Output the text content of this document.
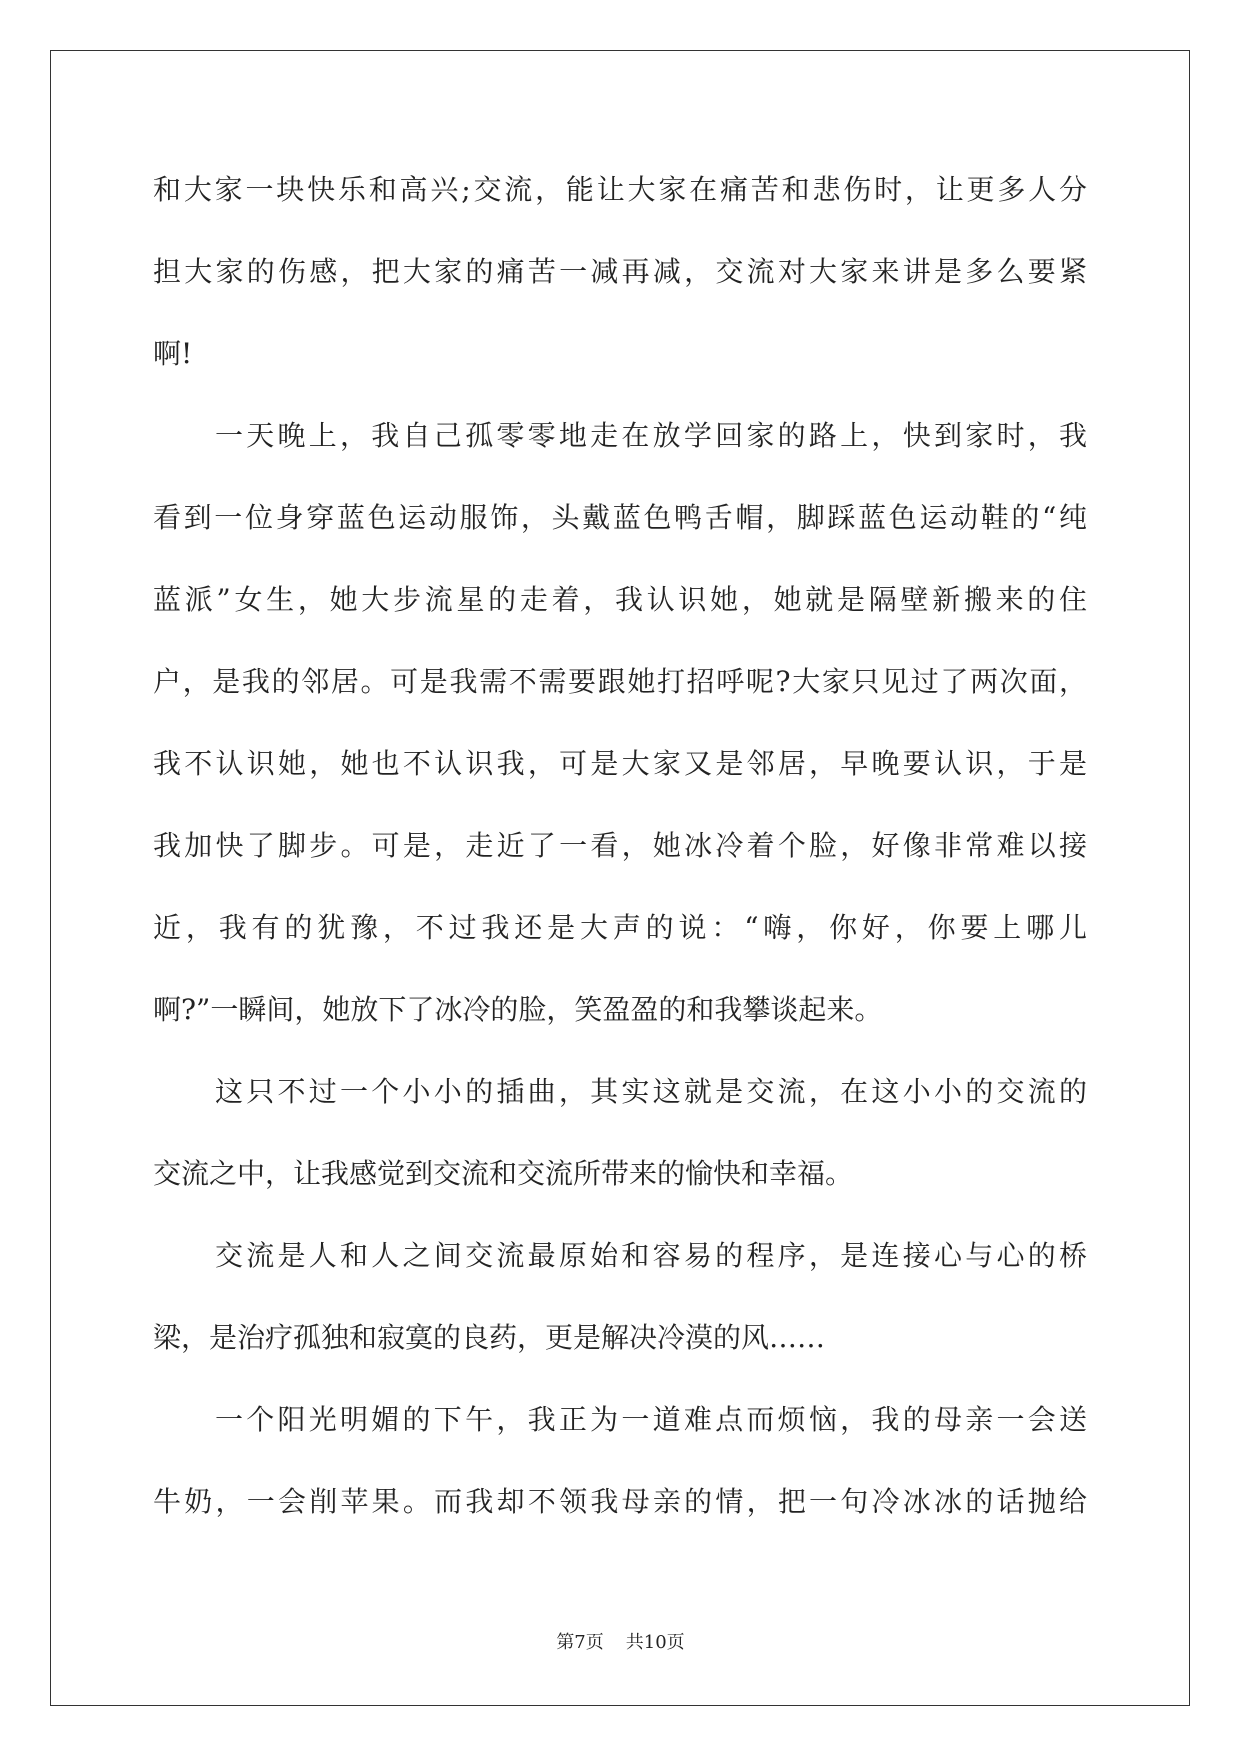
和大家一块快乐和高兴;交流，能让大家在痛苦和悲伤时，让更多人分
担大家的伤感，把大家的痛苦一减再减，交流对大家来讲是多么要紧
啊!
一天晚上，我自己孤零零地走在放学回家的路上，快到家时，我
看到一位身穿蓝色运动服饰，头戴蓝色鸭舌帽，脚踩蓝色运动鞋的“纯
蓝派”女生，她大步流星的走着，我认识她，她就是隔壁新搬来的住
户，是我的邻居。可是我需不需要跟她打招呼呢?大家只见过了两次面，
我不认识她，她也不认识我，可是大家又是邻居，早晚要认识，于是
我加快了脚步。可是，走近了一看，她冰冷着个脸，好像非常难以接
近，我有的犹豫，不过我还是大声的说：“嗨，你好，你要上哪儿
啊?”一瞬间，她放下了冰冷的脸，笑盈盈的和我攀谈起来。
这只不过一个小小的插曲，其实这就是交流，在这小小的交流的
交流之中，让我感觉到交流和交流所带来的愉快和幸福。
交流是人和人之间交流最原始和容易的程序，是连接心与心的桥
梁，是治疗孤独和寂寞的良药，更是解决冷漠的风……
一个阳光明媚的下午，我正为一道难点而烦恼，我的母亲一会送
牛奶，一会削苹果。而我却不领我母亲的情，把一句冷冰冰的话抛给
第7页 共10页
